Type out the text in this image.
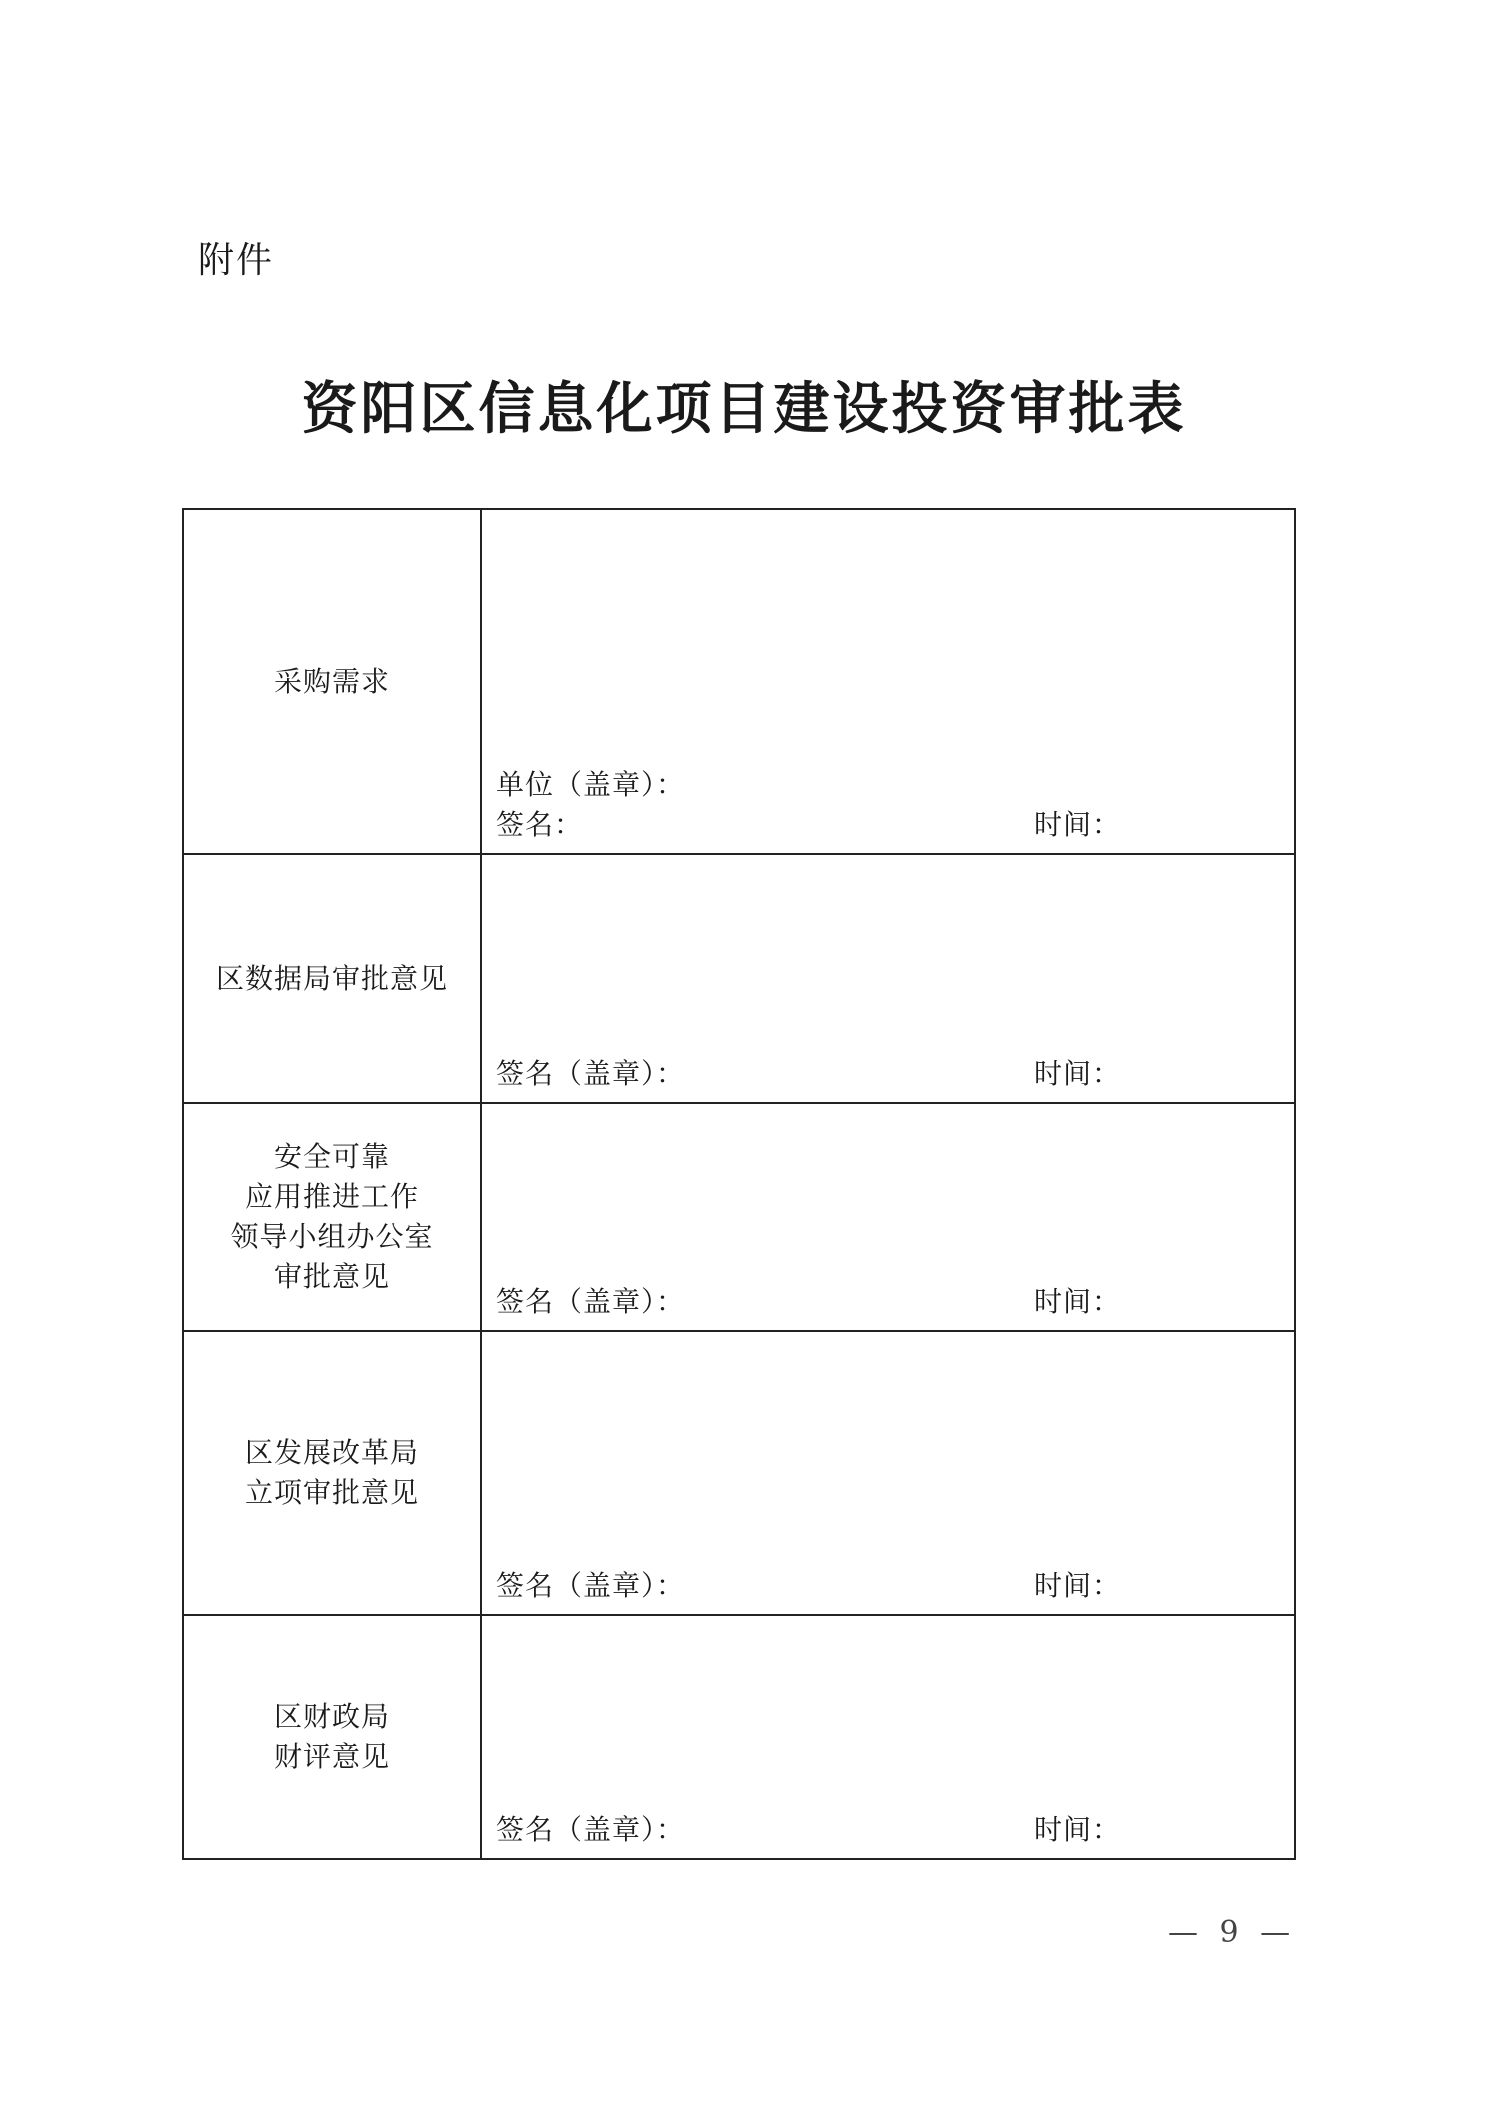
附件
资阳区信息化项目建设投资审批表
采购需求	单位（盖章）：
签名： 时间：

区数据局审批意见	签名（盖章）： 时间：

安全可靠
应用推进工作
领导小组办公室
审批意见	签名（盖章）： 时间：

区发展改革局
立项审批意见	签名（盖章）： 时间：

区财政局
财评意见	签名（盖章）： 时间：
— 9 —
